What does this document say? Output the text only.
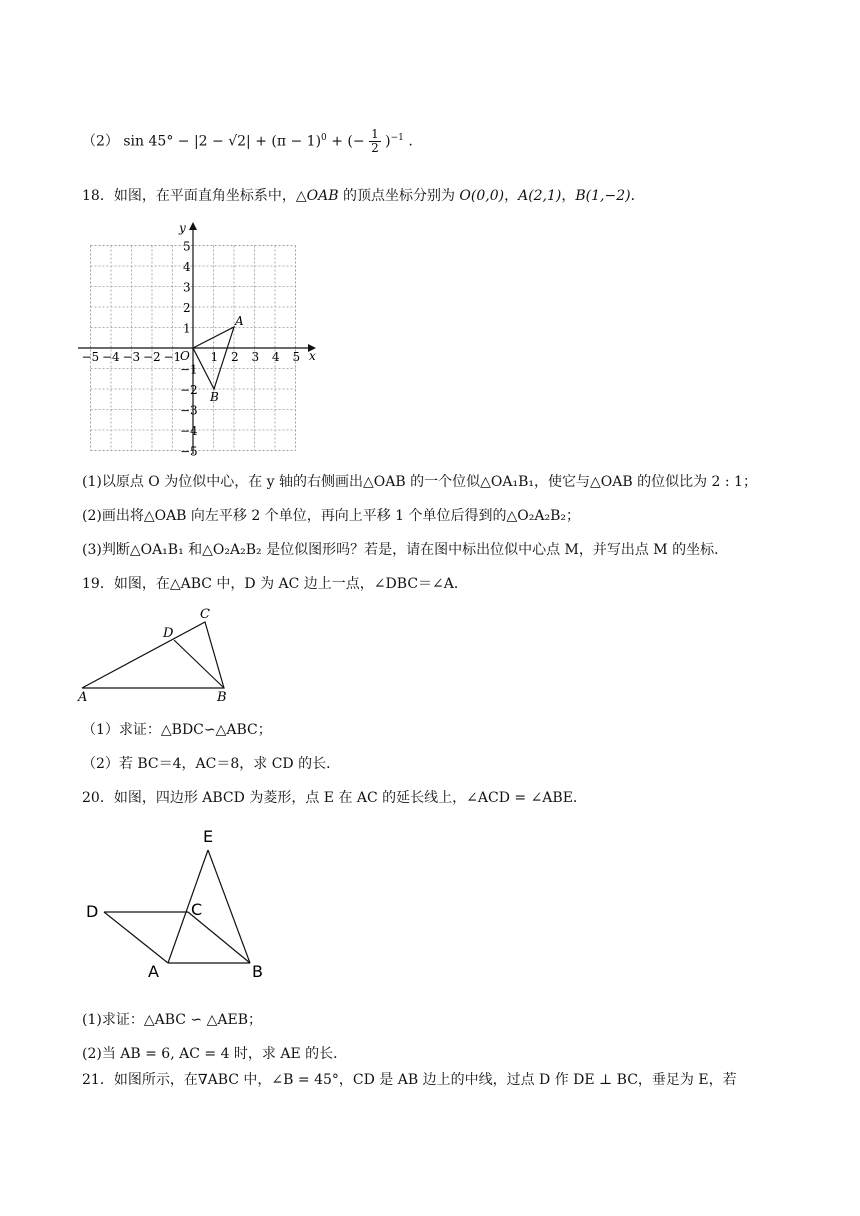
（2） $\sin 45^\circ - |2 - √2| + (\pi - 1)^0$ + (− $\frac{1}{2} )^{-1}$ .
18．如图，在平面直角坐标系中，△OAB 的顶点坐标分别为 O(0,0)，A(2,1)，B(1,−2)．
x
y
O
−5 −4 −3 −2 −1 1 2 3 4 5
5
4
3
2
1
−1
−2
−3
−4
−5
A
B
(1)以原点 O 为位似中心，在 y 轴的右侧画出△OAB 的一个位似△OA₁B₁，使它与△OAB 的位似比为 2 : 1；
(2)画出将△OAB 向左平移 2 个单位，再向上平移 1 个单位后得到的△O₂A₂B₂；
(3)判断△OA₁B₁ 和△O₂A₂B₂ 是位似图形吗？若是，请在图中标出位似中心点 M，并写出点 M 的坐标．
19．如图，在△ABC 中，D 为 AC 边上一点，∠DBC＝∠A．
A	B
C
D
（1）求证：△BDC∽△ABC；
（2）若 BC＝4，AC＝8，求 CD 的长．
20．如图，四边形 ABCD 为菱形，点 E 在 AC 的延长线上，∠ACD = ∠ABE．
E
D	C
A	B
(1)求证：△ABC ∽ △AEB；
(2)当 AB = 6, AC = 4 时，求 AE 的长．
21．如图所示，在∇ABC 中，∠B = 45°，CD 是 AB 边上的中线，过点 D 作 DE ⊥ BC，垂足为 E，若
